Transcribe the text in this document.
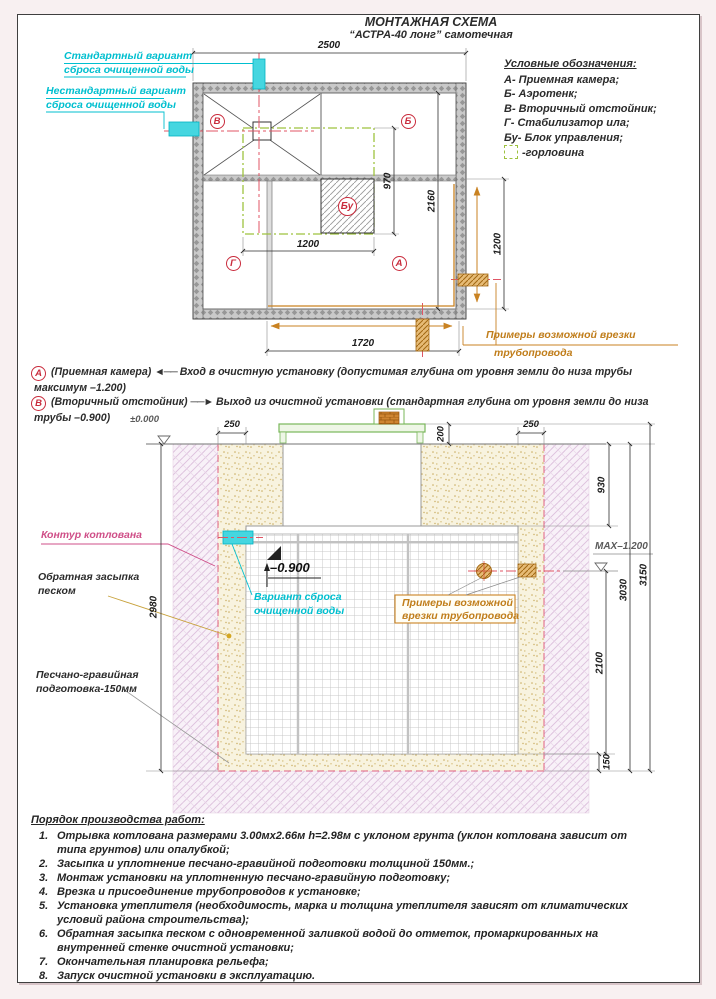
МОНТАЖНАЯ СХЕМА
“АСТРА-40 лонг” самотечная
Условные обозначения:
А- Приемная камера;
Б- Аэротенк;
В- Вторичный отстойник;
Г- Стабилизатор ила;
Бу- Блок управления;
-горловина
Стандартный вариант
сброса очищенной воды
Нестандартный вариант
сброса очищенной воды
В	Б
Г	А
Бу
2500
2160
970
1200	1200
1720
Примеры возможной врезки
трубопровода
А (Приемная камера) ◄── Вход в очистную установку (допустимая глубина от уровня земли до низа трубы
максимум –1.200)
В (Вторичный отстойник) ──► Выход из очистной установки (стандартная глубина от уровня земли до низа
трубы –0.900) ±0.000
–0.900
MAX–1.200
250
200
250
930
2980
2100
3030
3150
150
Контур котлована
Обратная засыпка
песком
Песчано-гравийная
подготовка-150мм
Вариант сброса
очищенной воды
Примеры возможной
врезки трубопровода
Порядок производства работ:
1. Отрывка котлована размерами 3.00мх2.66м h=2.98м с уклоном грунта (уклон котлована зависит от
типа грунтов) или опалубкой;
2. Засыпка и уплотнение песчано-гравийной подготовки толщиной 150мм.;
3. Монтаж установки на уплотненную песчано-гравийную подготовку;
4. Врезка и присоединение трубопроводов к установке;
5. Установка утеплителя (необходимость, марка и толщина утеплителя зависят от климатических
условий района строительства);
6. Обратная засыпка песком с одновременной заливкой водой до отметок, промаркированных на
внутренней стенке очистной установки;
7. Окончательная планировка рельефа;
8. Запуск очистной установки в эксплуатацию.
